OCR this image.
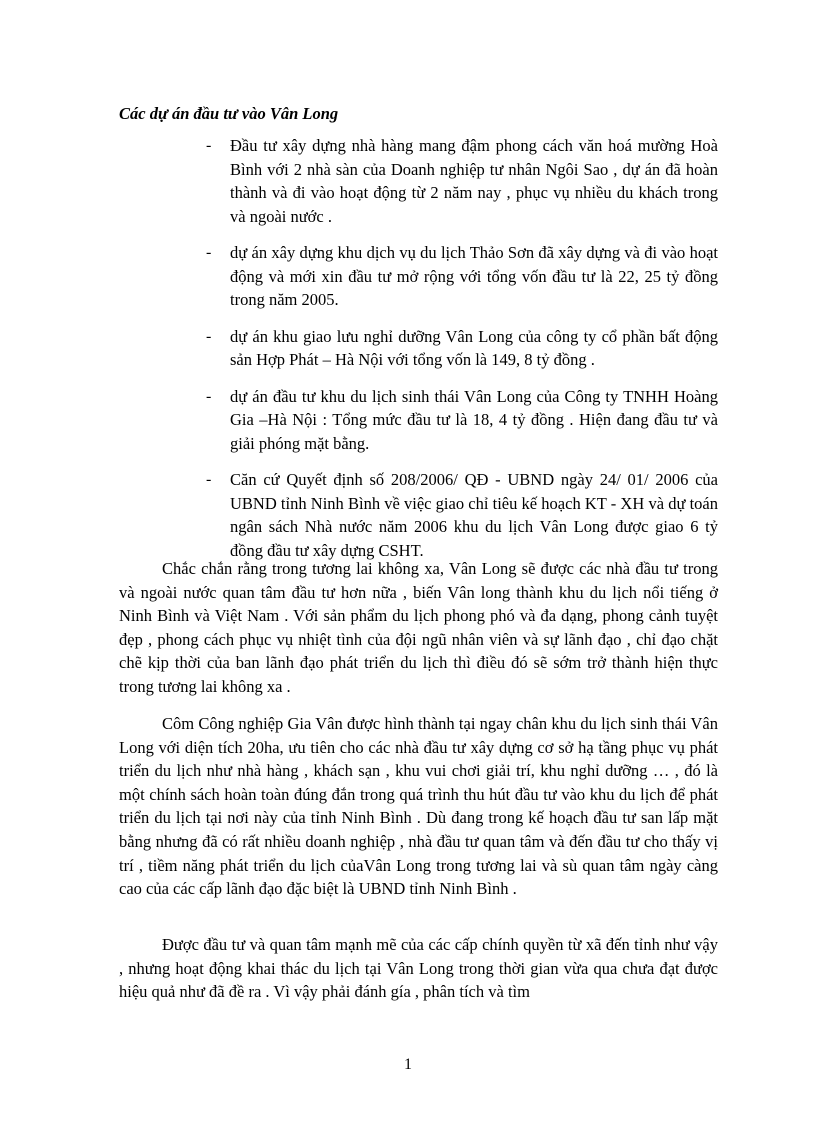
Các dự án đầu tư vào Vân Long

- Đầu tư xây dựng nhà hàng mang đậm phong cách văn hoá mường Hoà Bình với 2 nhà sàn của Doanh nghiệp tư nhân Ngôi Sao , dự án đã hoàn thành và đi vào hoạt động từ 2 năm nay , phục vụ nhiều du khách trong và ngoài nước .
- dự án xây dựng khu dịch vụ du lịch Thảo Sơn đã xây dựng và đi vào hoạt động và mới xin đầu tư mở rộng với tổng vốn đầu tư là 22, 25 tỷ đồng trong năm 2005.
- dự án khu giao lưu nghỉ dưỡng Vân Long của công ty cổ phần bất động sản Hợp Phát – Hà Nội với tổng vốn là 149, 8 tỷ đồng .
- dự án đầu tư khu du lịch sinh thái Vân Long của Công ty TNHH Hoàng Gia –Hà Nội : Tổng mức đầu tư là 18, 4 tỷ đồng . Hiện đang đầu tư và giải phóng mặt bằng.
- Căn cứ Quyết định số 208/2006/ QĐ - UBND ngày 24/ 01/ 2006 của UBND tỉnh Ninh Bình về việc giao chỉ tiêu kế hoạch KT - XH và dự toán ngân sách Nhà nước năm 2006 khu du lịch Vân Long được giao 6 tỷ đồng đầu tư xây dựng CSHT.

Chắc chắn rằng trong tương lai không xa, Vân Long sẽ được các nhà đầu tư trong và ngoài nước quan tâm đầu tư hơn nữa , biến Vân long thành khu du lịch nổi tiếng ở Ninh Bình và Việt Nam . Với sản phẩm du lịch phong phó và đa dạng, phong cảnh tuyệt đẹp , phong cách phục vụ nhiệt tình của đội ngũ nhân viên và sự lãnh đạo , chỉ đạo chặt chẽ kịp thời của ban lãnh đạo phát triển du lịch thì điều đó sẽ sớm trở thành hiện thực trong tương lai không xa .

Côm Công nghiệp Gia Vân được hình thành tại ngay chân khu du lịch sinh thái Vân Long với diện tích 20ha, ưu tiên cho các nhà đầu tư xây dựng cơ sở hạ tầng phục vụ phát triển du lịch như nhà hàng , khách sạn , khu vui chơi giải trí, khu nghỉ dưỡng … , đó là một chính sách hoàn toàn đúng đắn trong quá trình thu hút đầu tư vào khu du lịch để phát triển du lịch tại nơi này của tỉnh Ninh Bình . Dù đang trong kế hoạch đầu tư san lấp mặt bằng nhưng đã có rất nhiều doanh nghiệp , nhà đầu tư quan tâm và đến đầu tư cho thấy vị trí , tiềm năng phát triển du lịch củaVân Long trong tương lai và sù quan tâm ngày càng cao của các cấp lãnh đạo đặc biệt là UBND tỉnh Ninh Bình .

Được đầu tư và quan tâm mạnh mẽ của các cấp chính quyền từ xã đến tỉnh như vậy , nhưng hoạt động khai thác du lịch tại Vân Long trong thời gian vừa qua chưa đạt được hiệu quả như đã đề ra . Vì vậy phải đánh gía , phân tích và tìm

1
